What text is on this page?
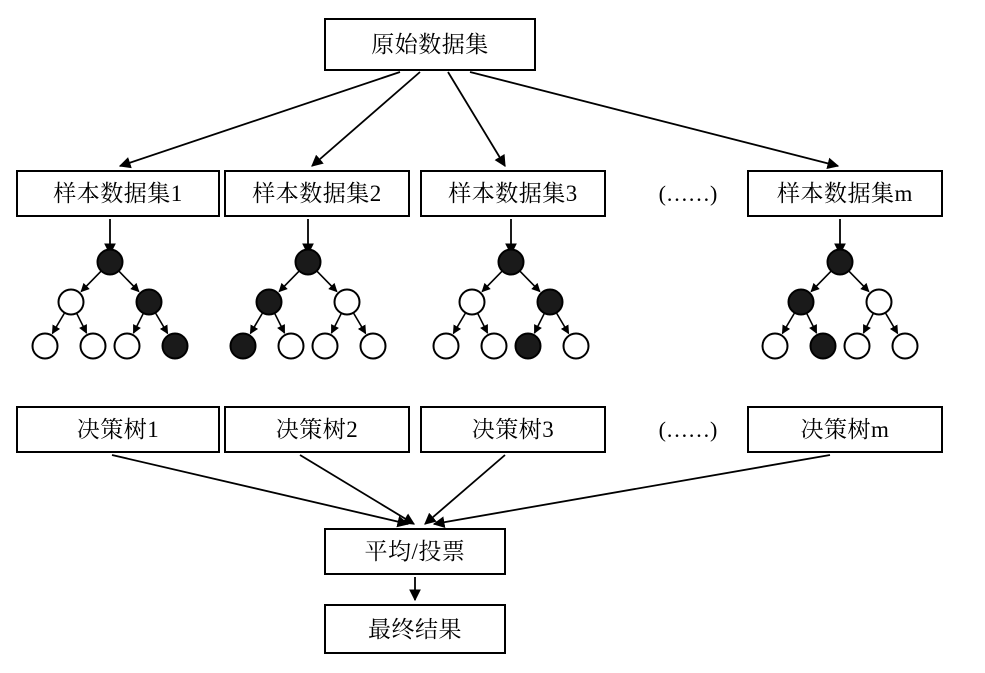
原始数据集
样本数据集1	样本数据集2	样本数据集3	样本数据集m
(……)
决策树1	决策树2	决策树3	决策树m
(……)
平均/投票
最终结果
